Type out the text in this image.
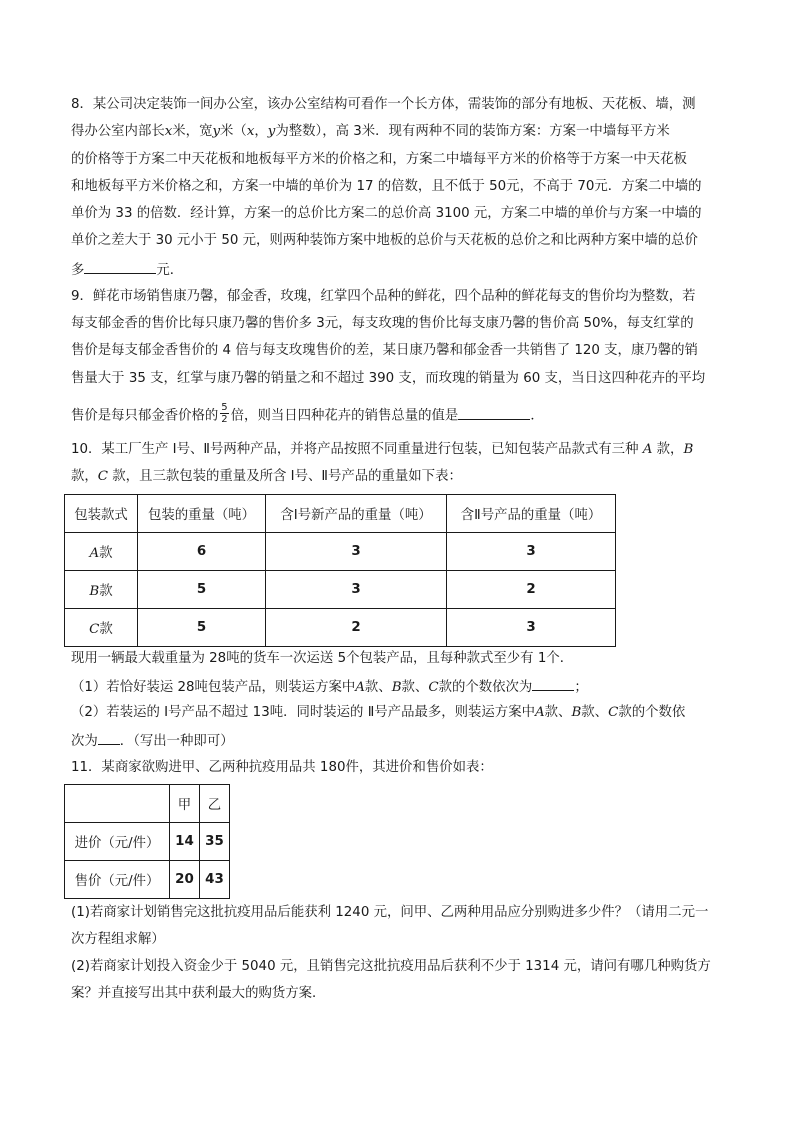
8．某公司决定装饰一间办公室，该办公室结构可看作一个长方体，需装饰的部分有地板、天花板、墙，测
得办公室内部长x米，宽y米（x，y为整数），高 3米．现有两种不同的装饰方案：方案一中墙每平方米
的价格等于方案二中天花板和地板每平方米的价格之和，方案二中墙每平方米的价格等于方案一中天花板
和地板每平方米价格之和，方案一中墙的单价为 17 的倍数，且不低于 50元，不高于 70元．方案二中墙的
单价为 33 的倍数．经计算，方案一的总价比方案二的总价高 3100 元，方案二中墙的单价与方案一中墙的
单价之差大于 30 元小于 50 元，则两种装饰方案中地板的总价与天花板的总价之和比两种方案中墙的总价
多	元．
9．鲜花市场销售康乃馨，郁金香，玫瑰，红掌四个品种的鲜花，四个品种的鲜花每支的售价均为整数，若
每支郁金香的售价比每只康乃馨的售价多 3元，每支玫瑰的售价比每支康乃馨的售价高 50%，每支红掌的
售价是每支郁金香售价的 4 倍与每支玫瑰售价的差，某日康乃馨和郁金香一共销售了 120 支，康乃馨的销
售量大于 35 支，红掌与康乃馨的销量之和不超过 390 支，而玫瑰的销量为 60 支，当日这四种花卉的平均
售价是每只郁金香价格的 $\frac{5}{2}$ 倍，则当日四种花卉的销售总量的值是	．
10．某工厂生产 Ⅰ号、Ⅱ号两种产品，并将产品按照不同重量进行包装，已知包装产品款式有三种 A 款，B
款，C 款，且三款包装的重量及所含 Ⅰ号、Ⅱ号产品的重量如下表：
包装款式	包装的重量（吨）	含Ⅰ号新产品的重量（吨）	含Ⅱ号产品的重量（吨）
A款	6	3	3
B款	5	3	2
C款	5	2	3
现用一辆最大载重量为 28吨的货车一次运送 5个包装产品，且每种款式至少有 1个．
（1）若恰好装运 28吨包装产品，则装运方案中A款、B款、C款的个数依次为	；
（2）若装运的 Ⅰ号产品不超过 13吨．同时装运的 Ⅱ号产品最多，则装运方案中A款、B款、C款的个数依
次为 ．（写出一种即可）
11．某商家欲购进甲、乙两种抗疫用品共 180件，其进价和售价如表：
	甲	乙
进价（元/件）	14	35
售价（元/件）	20	43
(1)若商家计划销售完这批抗疫用品后能获利 1240 元，问甲、乙两种用品应分别购进多少件？（请用二元一
次方程组求解）
(2)若商家计划投入资金少于 5040 元，且销售完这批抗疫用品后获利不少于 1314 元，请问有哪几种购货方
案？并直接写出其中获利最大的购货方案．
